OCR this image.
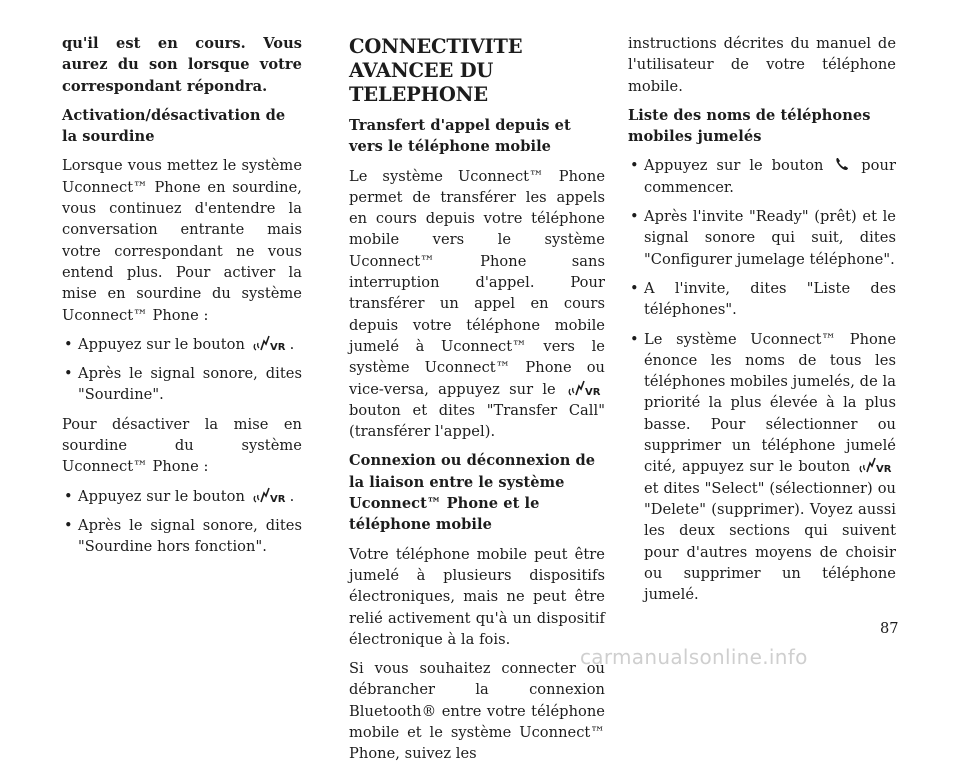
qu'il est en cours. Vous aurez du son lorsque votre correspondant répondra.

Activation/désactivation de la sourdine

Lorsque vous mettez le système Uconnect™ Phone en sourdine, vous continuez d'entendre la conversation entrante mais votre correspondant ne vous entend plus. Pour activer la mise en sourdine du système Uconnect™ Phone :

• Appuyez sur le bouton VR .
• Après le signal sonore, dites "Sourdine".

Pour désactiver la mise en sourdine du système Uconnect™ Phone :

• Appuyez sur le bouton VR .
• Après le signal sonore, dites "Sourdine hors fonction".
CONNECTIVITE AVANCEE DU TELEPHONE

Transfert d'appel depuis et vers le téléphone mobile

Le système Uconnect™ Phone permet de transférer les appels en cours depuis votre téléphone mobile vers le système Uconnect™ Phone sans interruption d'appel. Pour transférer un appel en cours depuis votre téléphone mobile jumelé à Uconnect™ vers le système Uconnect™ Phone ou vice-versa, appuyez sur le	VR
bouton et dites "Transfer Call" (transférer l'appel).

Connexion ou déconnexion de la liaison entre le système Uconnect™ Phone et le téléphone mobile

Votre téléphone mobile peut être jumelé à plusieurs dispositifs électroniques, mais ne peut être relié activement qu'à un dispositif électronique à la fois.

Si vous souhaitez connecter ou débrancher la connexion Bluetooth® entre votre téléphone mobile et le système Uconnect™ Phone, suivez les

instructions décrites du manuel de l'utilisateur de votre téléphone mobile.

Liste des noms de téléphones mobiles jumelés

• Appuyez sur le bouton	pour commencer.
• Après l'invite "Ready" (prêt) et le signal sonore qui suit, dites "Configurer jumelage téléphone".
• A l'invite, dites "Liste des téléphones".
• Le système Uconnect™ Phone énonce les noms de tous les téléphones mobiles jumelés, de la priorité la plus élevée à la plus basse. Pour sélectionner ou supprimer un téléphone jumelé cité, appuyez sur le bouton	VR
et dites "Select" (sélectionner) ou "Delete" (supprimer). Voyez aussi les deux sections qui suivent pour d'autres moyens de choisir ou supprimer un téléphone jumelé.
87
carmanualsonline.info
